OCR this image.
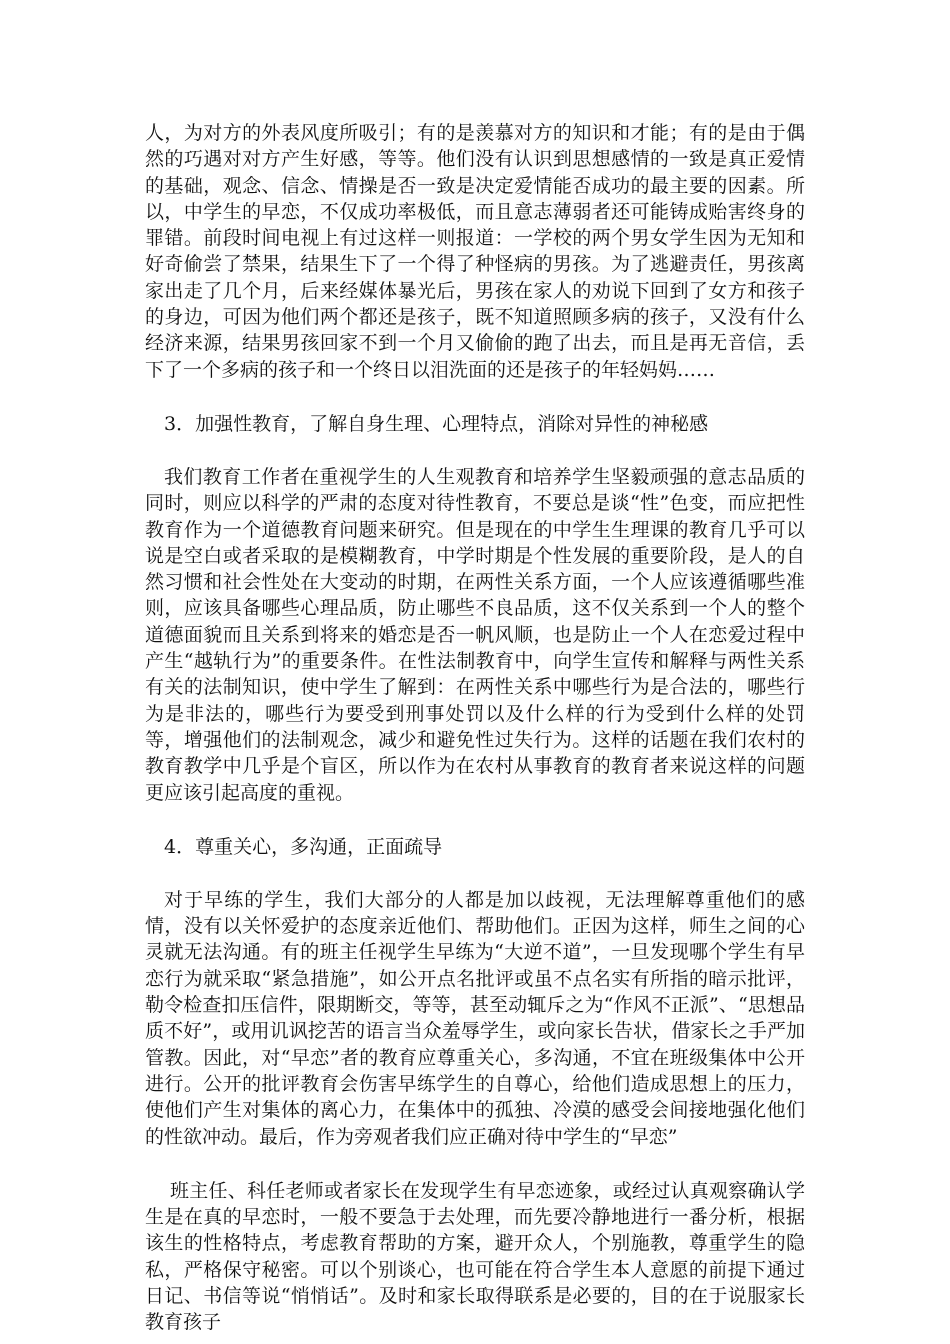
人，为对方的外表风度所吸引；有的是羡慕对方的知识和才能；有的是由于偶然的巧遇对对方产生好感，等等。他们没有认识到思想感情的一致是真正爱情的基础，观念、信念、情操是否一致是决定爱情能否成功的最主要的因素。所以，中学生的早恋，不仅成功率极低，而且意志薄弱者还可能铸成贻害终身的罪错。前段时间电视上有过这样一则报道：一学校的两个男女学生因为无知和好奇偷尝了禁果，结果生下了一个得了种怪病的男孩。为了逃避责任，男孩离家出走了几个月，后来经媒体暴光后，男孩在家人的劝说下回到了女方和孩子的身边，可因为他们两个都还是孩子，既不知道照顾多病的孩子，又没有什么经济来源，结果男孩回家不到一个月又偷偷的跑了出去，而且是再无音信，丢下了一个多病的孩子和一个终日以泪洗面的还是孩子的年轻妈妈……

3．加强性教育，了解自身生理、心理特点，消除对异性的神秘感

我们教育工作者在重视学生的人生观教育和培养学生坚毅顽强的意志品质的同时，则应以科学的严肃的态度对待性教育，不要总是谈“性”色变，而应把性教育作为一个道德教育问题来研究。但是现在的中学生生理课的教育几乎可以说是空白或者采取的是模糊教育，中学时期是个性发展的重要阶段，是人的自然习惯和社会性处在大变动的时期，在两性关系方面，一个人应该遵循哪些准则，应该具备哪些心理品质，防止哪些不良品质，这不仅关系到一个人的整个道德面貌而且关系到将来的婚恋是否一帆风顺，也是防止一个人在恋爱过程中产生“越轨行为”的重要条件。在性法制教育中，向学生宣传和解释与两性关系有关的法制知识，使中学生了解到：在两性关系中哪些行为是合法的，哪些行为是非法的，哪些行为要受到刑事处罚以及什么样的行为受到什么样的处罚等，增强他们的法制观念，减少和避免性过失行为。这样的话题在我们农村的教育教学中几乎是个盲区，所以作为在农村从事教育的教育者来说这样的问题更应该引起高度的重视。

4．尊重关心，多沟通，正面疏导

对于早练的学生，我们大部分的人都是加以歧视，无法理解尊重他们的感情，没有以关怀爱护的态度亲近他们、帮助他们。正因为这样，师生之间的心灵就无法沟通。有的班主任视学生早练为“大逆不道”，一旦发现哪个学生有早恋行为就采取“紧急措施”，如公开点名批评或虽不点名实有所指的暗示批评，勒令检查扣压信件，限期断交，等等，甚至动辄斥之为“作风不正派”、“思想品质不好”，或用讥讽挖苦的语言当众羞辱学生，或向家长告状，借家长之手严加管教。因此，对“早恋”者的教育应尊重关心，多沟通，不宜在班级集体中公开进行。公开的批评教育会伤害早练学生的自尊心，给他们造成思想上的压力，使他们产生对集体的离心力，在集体中的孤独、冷漠的感受会间接地强化他们的性欲冲动。最后，作为旁观者我们应正确对待中学生的“早恋”

班主任、科任老师或者家长在发现学生有早恋迹象，或经过认真观察确认学生是在真的早恋时，一般不要急于去处理，而先要冷静地进行一番分析，根据该生的性格特点，考虑教育帮助的方案，避开众人，个别施教，尊重学生的隐私，严格保守秘密。可以个别谈心，也可能在符合学生本人意愿的前提下通过日记、书信等说“悄悄话”。及时和家长取得联系是必要的，目的在于说服家长教育孩子
